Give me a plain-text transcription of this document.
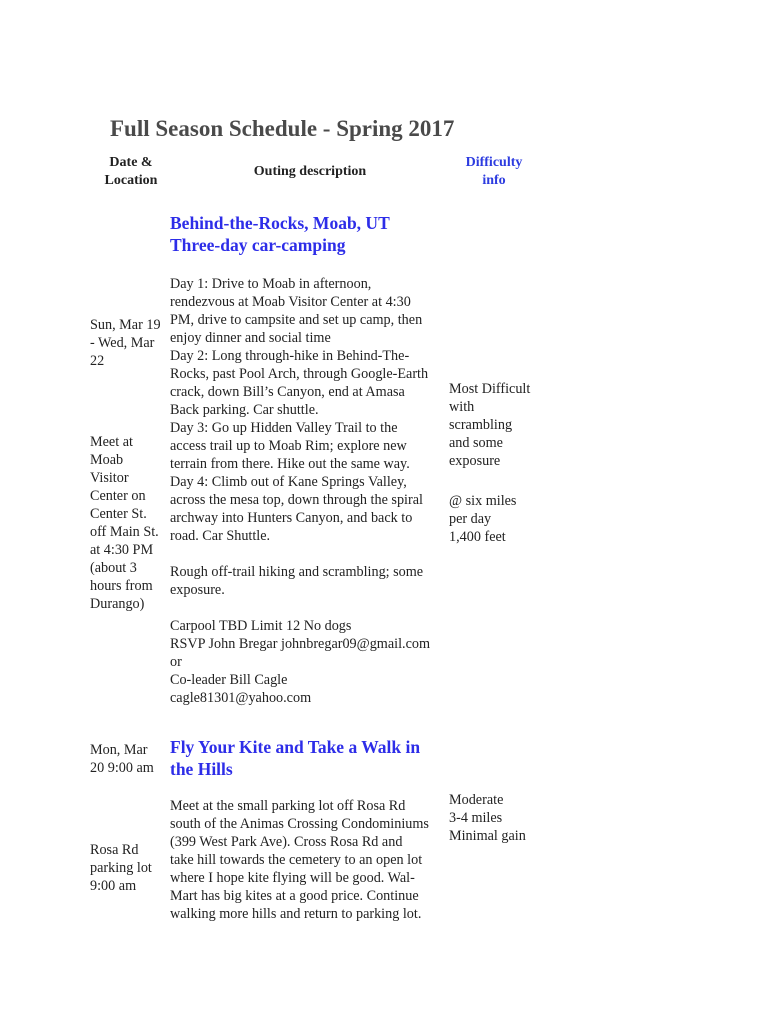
Full Season Schedule - Spring 2017
Date &
Location
Outing description
Difficulty
info
Behind-the-Rocks, Moab, UT
Three-day car-camping

Sun, Mar 19

- Wed, Mar

22

Meet at

Moab

Visitor

Center on

Center St.

off Main St.

at 4:30 PM

(about 3

hours from

Durango)

Day 1: Drive to Moab in afternoon,

rendezvous at Moab Visitor Center at 4:30

PM, drive to campsite and set up camp, then

enjoy dinner and social time

Day 2: Long through-hike in Behind-The-

Rocks, past Pool Arch, through Google-Earth

crack, down Bill’s Canyon, end at Amasa

Back parking. Car shuttle.

Day 3: Go up Hidden Valley Trail to the

access trail up to Moab Rim; explore new

terrain from there. Hike out the same way.

Day 4: Climb out of Kane Springs Valley,

across the mesa top, down through the spiral

archway into Hunters Canyon, and back to

road. Car Shuttle.

Rough off-trail hiking and scrambling; some

exposure.

Carpool TBD Limit 12 No dogs

RSVP John Bregar johnbregar09@gmail.com

or

Co-leader Bill Cagle

cagle81301@yahoo.com

Most Difficult

with

scrambling

and some

exposure

@ six miles

per day

1,400 feet

Mon, Mar

20 9:00 am

Fly Your Kite and Take a Walk in
the Hills

Rosa Rd

parking lot

9:00 am

Meet at the small parking lot off Rosa Rd

south of the Animas Crossing Condominiums

(399 West Park Ave). Cross Rosa Rd and

take hill towards the cemetery to an open lot

where I hope kite flying will be good. Wal-

Mart has big kites at a good price. Continue

walking more hills and return to parking lot.

Moderate

3-4 miles

Minimal gain
